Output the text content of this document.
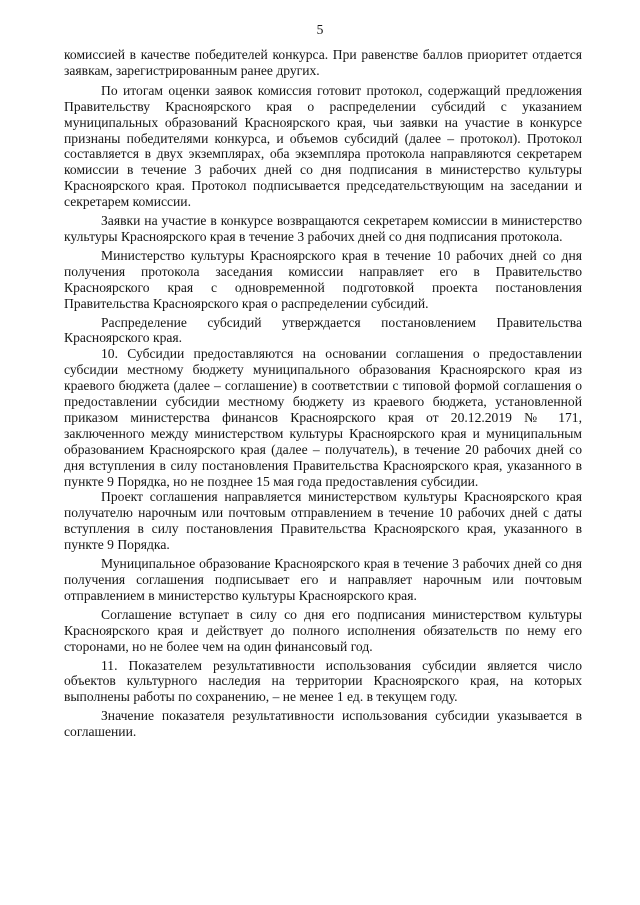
5

комиссией в качестве победителей конкурса. При равенстве баллов приоритет отдается заявкам, зарегистрированным ранее других.

По итогам оценки заявок комиссия готовит протокол, содержащий предложения Правительству Красноярского края о распределении субсидий с указанием муниципальных образований Красноярского края, чьи заявки на участие в конкурсе признаны победителями конкурса, и объемов субсидий (далее – протокол). Протокол составляется в двух экземплярах, оба экземпляра протокола направляются секретарем комиссии в течение 3 рабочих дней со дня подписания в министерство культуры Красноярского края. Протокол подписывается председательствующим на заседании и секретарем комиссии.

Заявки на участие в конкурсе возвращаются секретарем комиссии в министерство культуры Красноярского края в течение 3 рабочих дней со дня подписания протокола.

Министерство культуры Красноярского края в течение 10 рабочих дней со дня получения протокола заседания комиссии направляет его в Правительство Красноярского края с одновременной подготовкой проекта постановления Правительства Красноярского края о распределении субсидий.

Распределение субсидий утверждается постановлением Правительства Красноярского края.

10. Субсидии предоставляются на основании соглашения о предоставлении субсидии местному бюджету муниципального образования Красноярского края из краевого бюджета (далее – соглашение) в соответствии с типовой формой соглашения о предоставлении субсидии местному бюджету из краевого бюджета, установленной приказом министерства финансов Красноярского края от 20.12.2019 № 171, заключенного между министерством культуры Красноярского края и муниципальным образованием Красноярского края (далее – получатель), в течение 20 рабочих дней со дня вступления в силу постановления Правительства Красноярского края, указанного в пункте 9 Порядка, но не позднее 15 мая года предоставления субсидии.

Проект соглашения направляется министерством культуры Красноярского края получателю нарочным или почтовым отправлением в течение 10 рабочих дней с даты вступления в силу постановления Правительства Красноярского края, указанного в пункте 9 Порядка.

Муниципальное образование Красноярского края в течение 3 рабочих дней со дня получения соглашения подписывает его и направляет нарочным или почтовым отправлением в министерство культуры Красноярского края.

Соглашение вступает в силу со дня его подписания министерством культуры Красноярского края и действует до полного исполнения обязательств по нему его сторонами, но не более чем на один финансовый год.

11. Показателем результативности использования субсидии является число объектов культурного наследия на территории Красноярского края, на которых выполнены работы по сохранению, – не менее 1 ед. в текущем году.

Значение показателя результативности использования субсидии указывается в соглашении.
